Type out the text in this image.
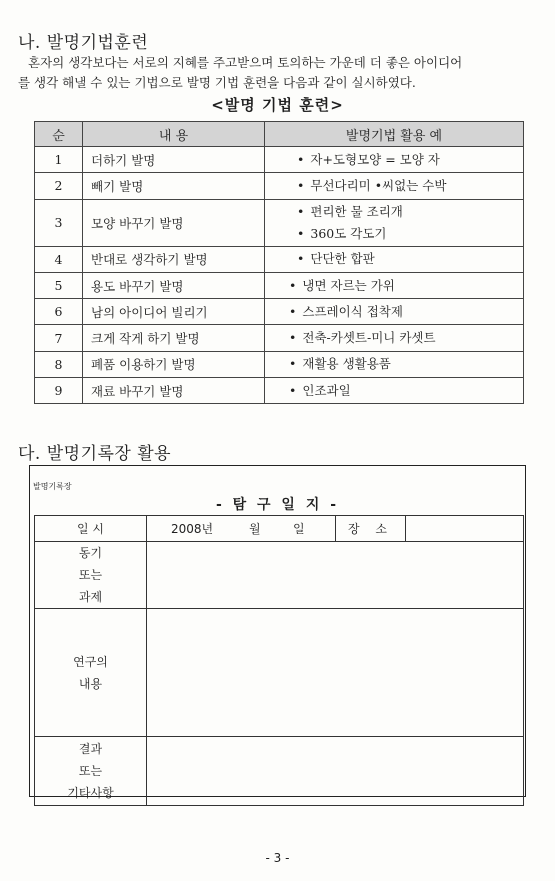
나. 발명기법훈련

혼자의 생각보다는 서로의 지혜를 주고받으며 토의하는 가운데 더 좋은 아이디어

를 생각 해낼 수 있는 기법으로 발명 기법 훈련을 다음과 같이 실시하였다.

<발명 기법 훈련>
순	내 용	발명기법 활용 예
1	더하기 발명	• 자+도형모양 = 모양 자

2	빼기 발명	• 무선다리미 •씨없는 수박

3	모양 바꾸기 발명	• 편리한 물 조리개
• 360도 각도기

4	반대로 생각하기 발명	• 단단한 합판

5	용도 바꾸기 발명	• 냉면 자르는 가위

6	남의 아이디어 빌리기	• 스프레이식 접착제

7	크게 작게 하기 발명	• 전축-카셋트-미니 카셋트

8	폐품 이용하기 발명	• 재활용 생활용품

9	재료 바꾸기 발명	• 인조과일
다. 발명기록장 활용
발명기록장
- 탐 구 일 지 -
일 시	2008년 월 일	장 소	

동기
또는
과제			

연구의
내용			

결과
또는
기타사항			

- 3 -
